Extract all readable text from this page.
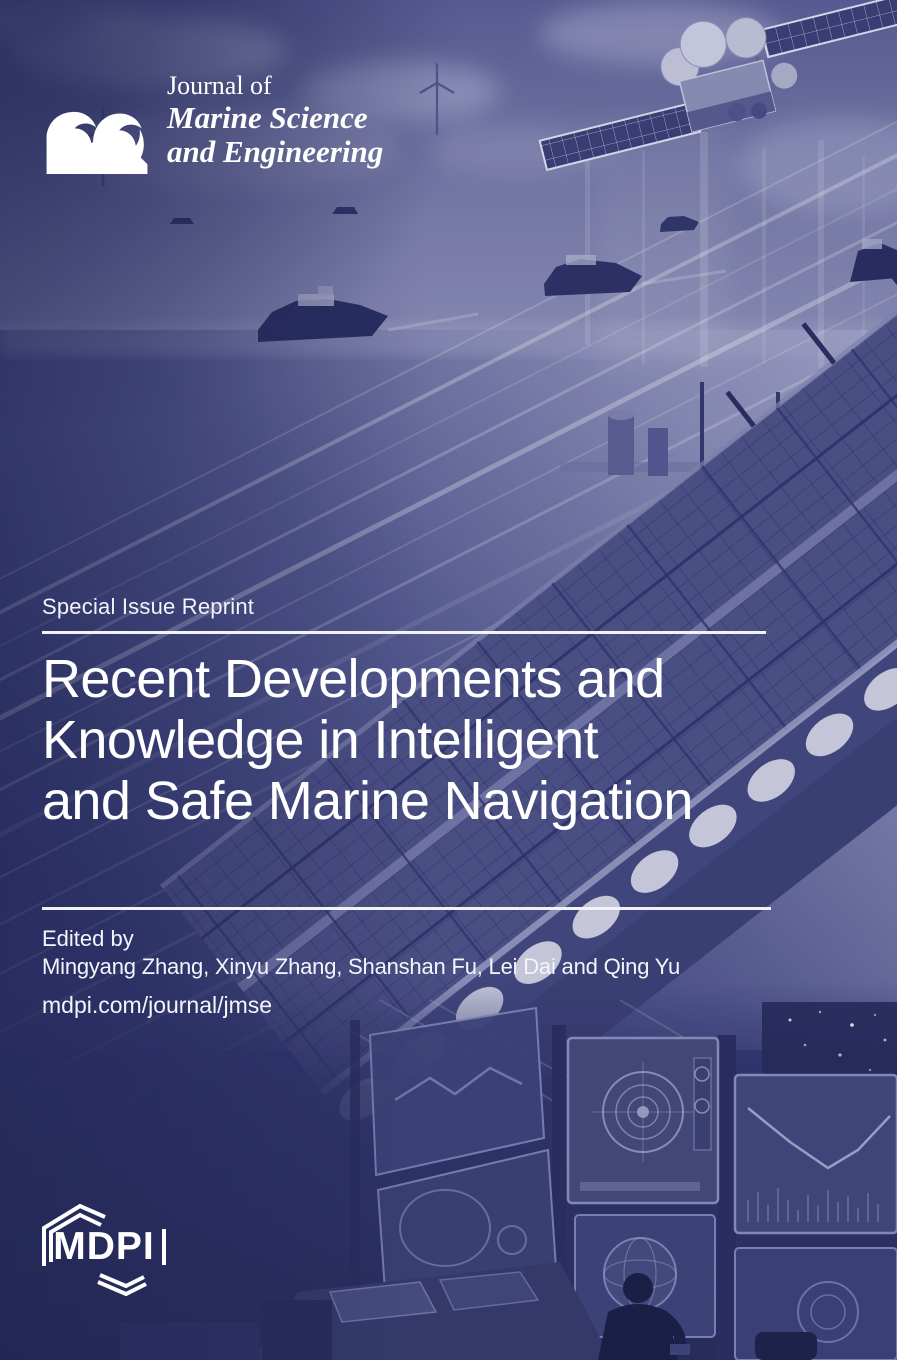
Journal of
Marine Science
and Engineering
Special Issue Reprint
Recent Developments and
Knowledge in Intelligent
and Safe Marine Navigation
Edited by
Mingyang Zhang, Xinyu Zhang, Shanshan Fu, Lei Dai and Qing Yu
mdpi.com/journal/jmse
MDPI
